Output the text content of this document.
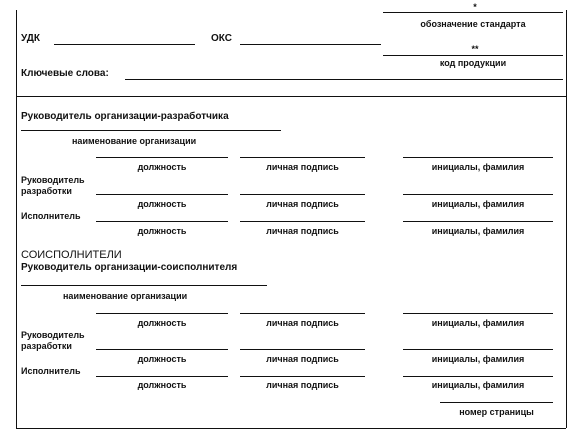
*
обозначение стандарта
УДК	ОКС
**
код продукции
Ключевые слова:
Руководитель организации-разработчика
наименование организации
должность	личная подпись	инициалы, фамилия
Руководитель
разработки
должность	личная подпись	инициалы, фамилия
Исполнитель
должность	личная подпись	инициалы, фамилия
СОИСПОЛНИТЕЛИ
Руководитель организации-соисполнителя
наименование организации
должность	личная подпись	инициалы, фамилия
Руководитель
разработки
должность	личная подпись	инициалы, фамилия
Исполнитель
должность	личная подпись	инициалы, фамилия
номер страницы
